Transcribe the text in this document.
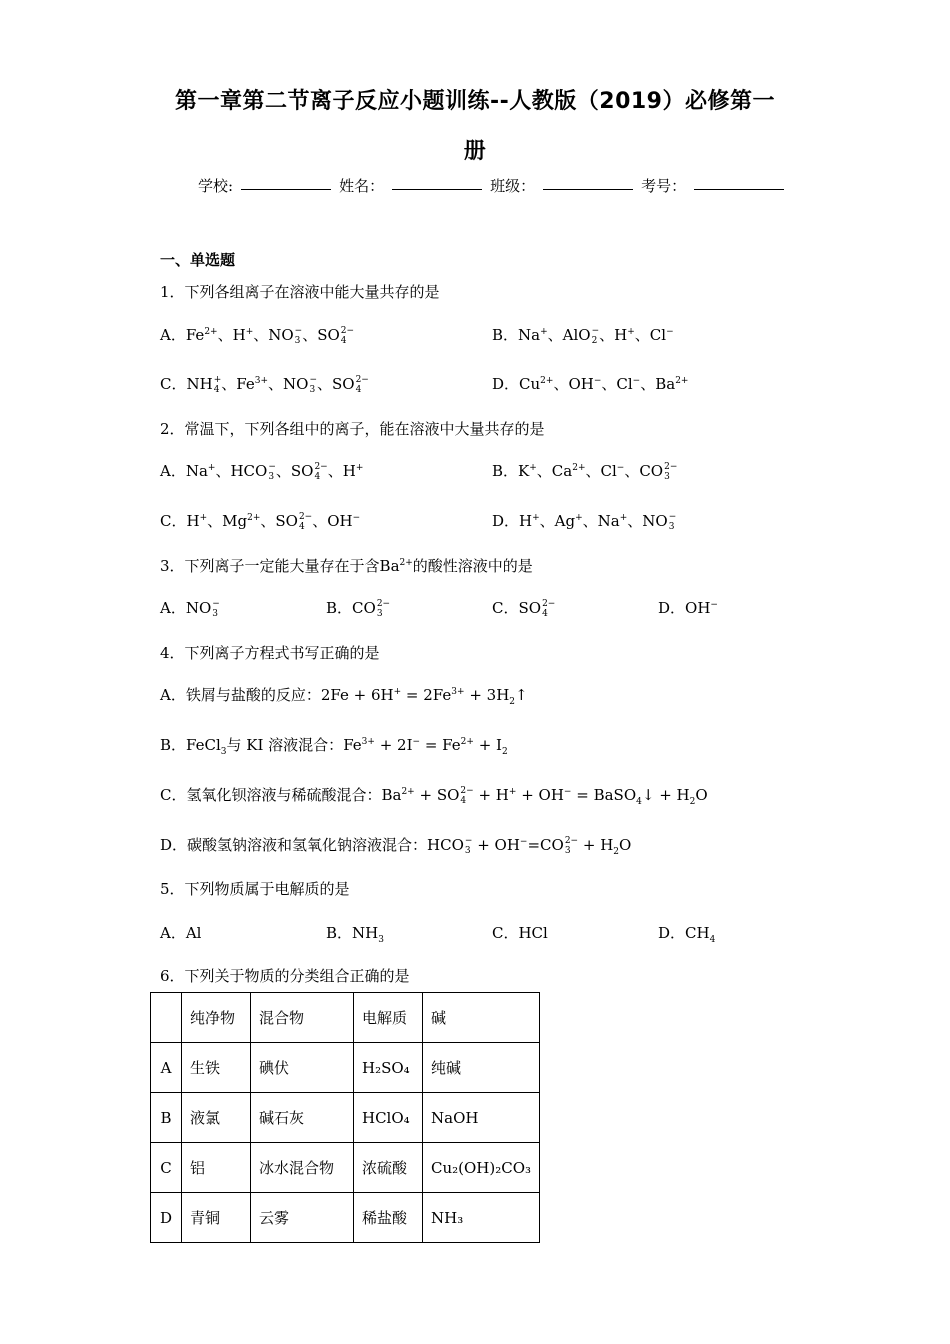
第一章第二节离子反应小题训练--人教版（2019）必修第一
册
学校:	姓名：	班级：	考号：
一、单选题
1．下列各组离子在溶液中能大量共存的是
A．$Fe^{2+}$、H+、NO −
3 、SO 2−
4	B．Na+、AlO −
2 、H+、Cl−
C．NH +
4 、$Fe^{3+}$、NO −
3 、SO 2−
4	D．$Cu^{2+}$、OH−、Cl−、$Ba^{2+}$
2．常温下，下列各组中的离子，能在溶液中大量共存的是
A．Na+、HCO −
3 、SO 2−
4 、H+	B．K+、$Ca^{2+}$、Cl−、CO 2−
3
C．H+、$Mg^{2+}$、SO 2−
4 、OH−	D．H+、Ag+、Na+、NO −
3
3．下列离子一定能大量存在于含$Ba^{2+}$的酸性溶液中的是
A．NO −
3	B．CO 2−
3	C．SO 2−
4	D．OH−
4．下列离子方程式书写正确的是
A．铁屑与盐酸的反应：$2Fe + 6H^+ = 2Fe^{3+}$ + $3H_2↑$
B．FeCl$_3$与 KI 溶液混合：$Fe^{3+} + 2I^- = Fe^{2+} + I_2$
C．氢氧化钡溶液与稀硫酸混合：$Ba^{2+}$ + SO 2−
4 + H+ + OH− = BaSO$_4$↓ + $H_2O$
D．碳酸氢钠溶液和氢氧化钠溶液混合：HCO −
3 + OH−=CO 2−
$3 + H_2O$
5．下列物质属于电解质的是
A．Al	B．$NH_3$	C．HCl	D．$CH_4$
6．下列关于物质的分类组合正确的是
	纯净物	混合物	电解质	碱
A	生铁	碘伏	H₂SO₄	纯碱
B	液氯	碱石灰	HClO₄	NaOH
C	铝	冰水混合物	浓硫酸	Cu₂(OH)₂CO₃
D	青铜	云雾	稀盐酸	NH₃
